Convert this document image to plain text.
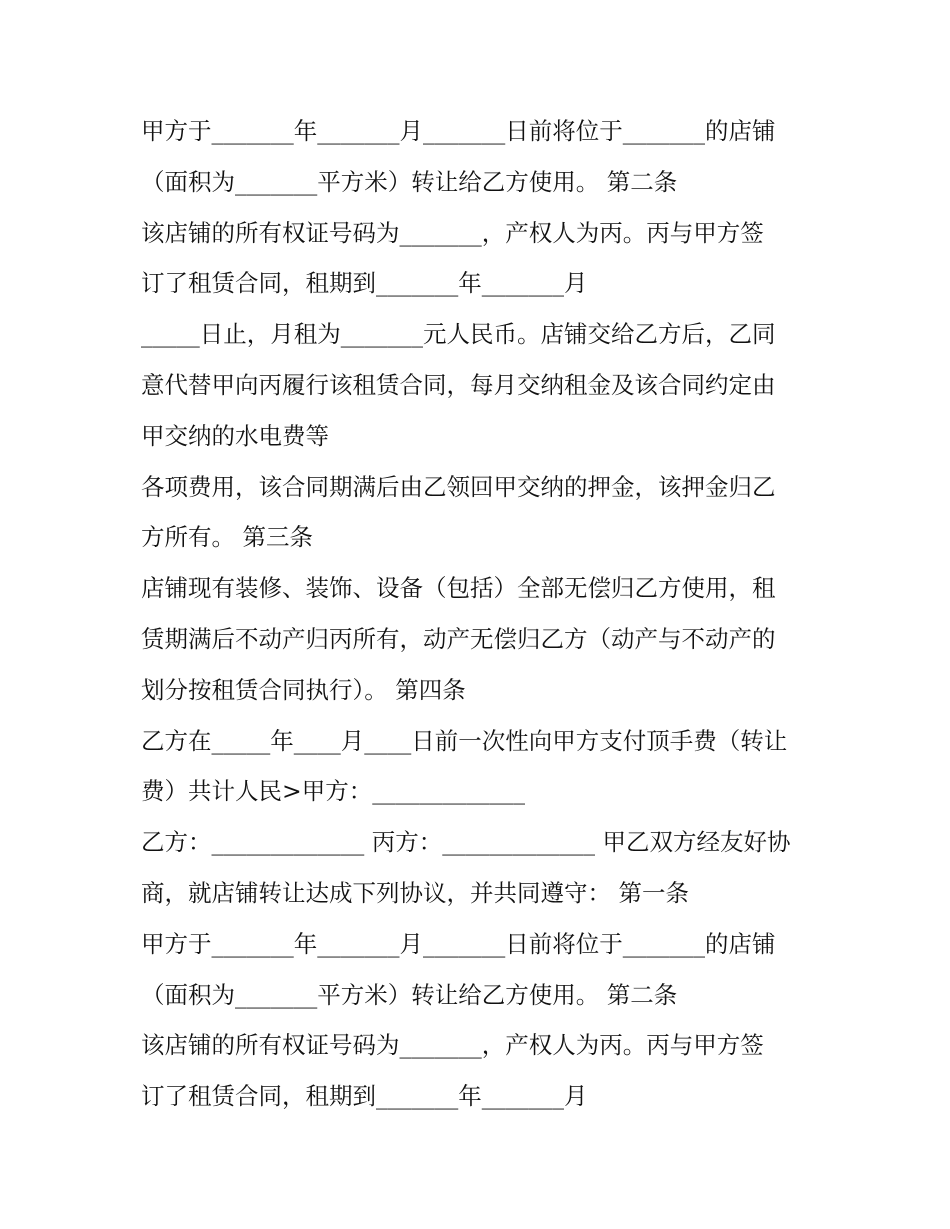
甲方于_______年_______月_______日前将位于_______的店铺
（面积为_______平方米）转让给乙方使用。 第二条
该店铺的所有权证号码为_______，产权人为丙。丙与甲方签
订了租赁合同，租期到_______年_______月
_____日止，月租为_______元人民币。店铺交给乙方后，乙同
意代替甲向丙履行该租赁合同，每月交纳租金及该合同约定由
甲交纳的水电费等
各项费用，该合同期满后由乙领回甲交纳的押金，该押金归乙
方所有。 第三条
店铺现有装修、装饰、设备（包括）全部无偿归乙方使用，租
赁期满后不动产归丙所有，动产无偿归乙方（动产与不动产的
划分按租赁合同执行）。 第四条
乙方在_____年____月____日前一次性向甲方支付顶手费（转让
费）共计人民>甲方：_____________
乙方：_____________ 丙方：_____________ 甲乙双方经友好协
商，就店铺转让达成下列协议，并共同遵守： 第一条
甲方于_______年_______月_______日前将位于_______的店铺
（面积为_______平方米）转让给乙方使用。 第二条
该店铺的所有权证号码为_______，产权人为丙。丙与甲方签
订了租赁合同，租期到_______年_______月
